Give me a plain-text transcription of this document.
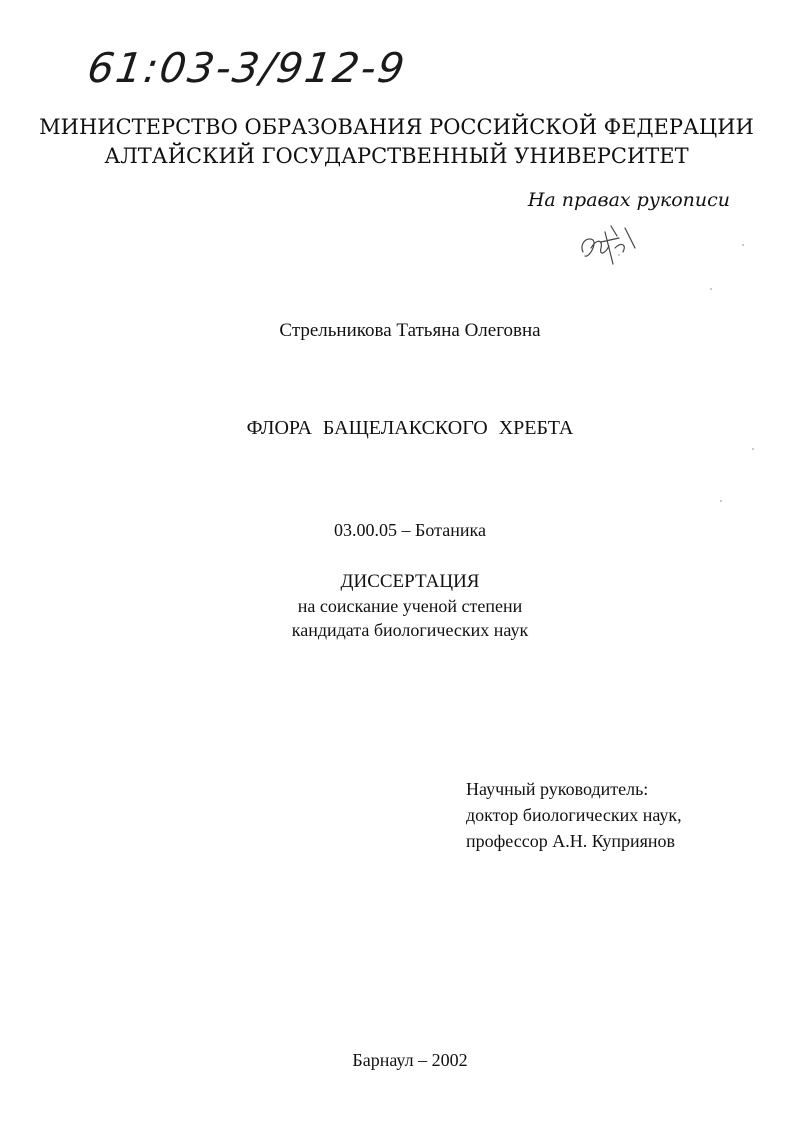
61:03-3/912-9
МИНИСТЕРСТВО ОБРАЗОВАНИЯ РОССИЙСКОЙ ФЕДЕРАЦИИ
АЛТАЙСКИЙ ГОСУДАРСТВЕННЫЙ УНИВЕРСИТЕТ
На правах рукописи
Стрельникова Татьяна Олеговна
ФЛОРА БАЩЕЛАКСКОГО ХРЕБТА
03.00.05 – Ботаника
ДИССЕРТАЦИЯ
на соискание ученой степени
кандидата биологических наук
Научный руководитель:
доктор биологических наук,
профессор А.Н. Куприянов
Барнаул – 2002
